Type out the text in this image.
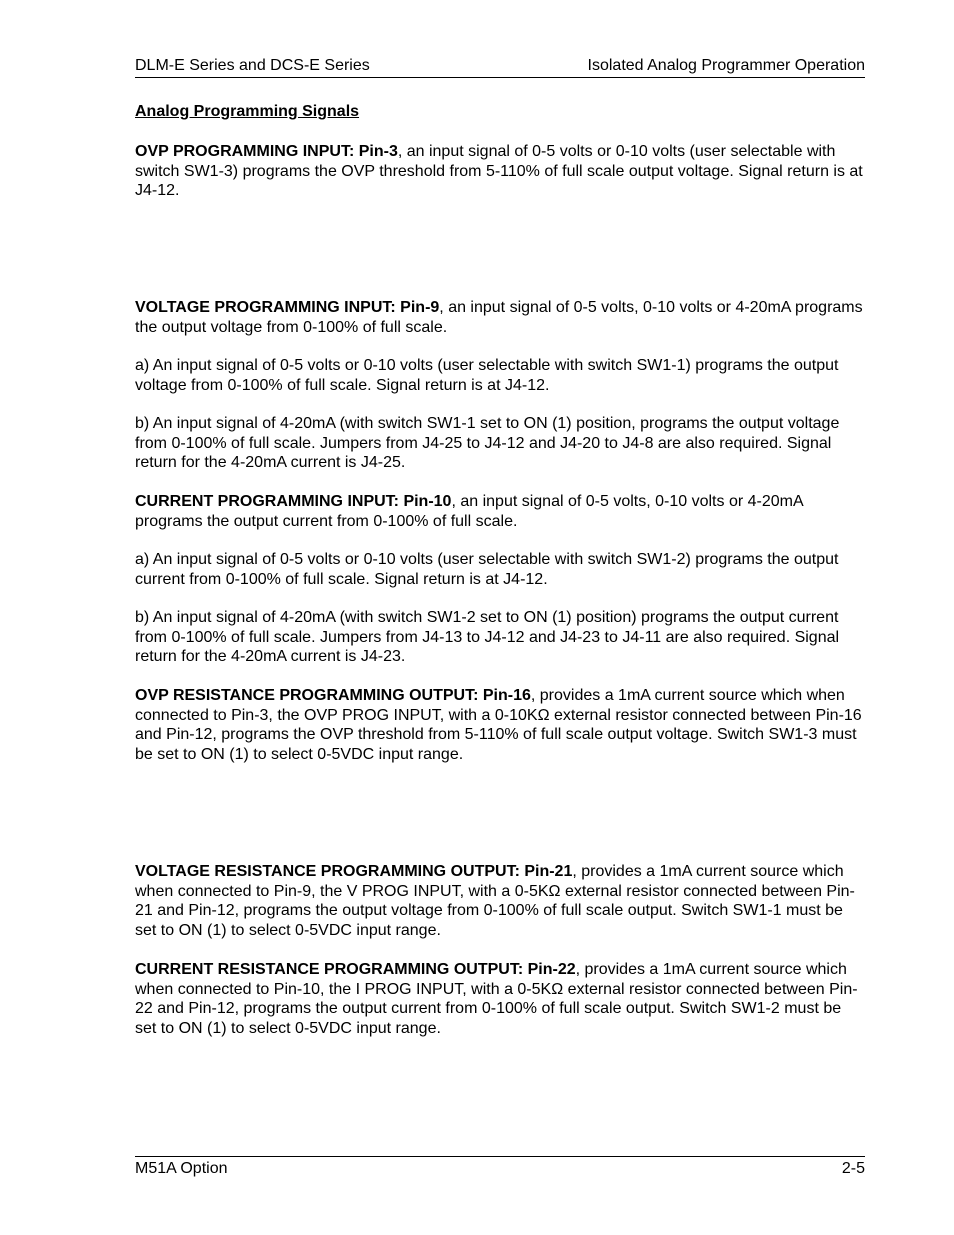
DLM-E Series and DCS-E Series	Isolated Analog Programmer Operation
Analog Programming Signals

OVP PROGRAMMING INPUT: Pin-3, an input signal of 0-5 volts or 0-10 volts (user selectable with switch SW1-3) programs the OVP threshold from 5-110% of full scale output voltage. Signal return is at J4-12.

VOLTAGE PROGRAMMING INPUT: Pin-9, an input signal of 0-5 volts, 0-10 volts or 4-20mA programs the output voltage from 0-100% of full scale.

a) An input signal of 0-5 volts or 0-10 volts (user selectable with switch SW1-1) programs the output voltage from 0-100% of full scale. Signal return is at J4-12.

b) An input signal of 4-20mA (with switch SW1-1 set to ON (1) position, programs the output voltage from 0-100% of full scale. Jumpers from J4-25 to J4-12 and J4-20 to J4-8 are also required. Signal return for the 4-20mA current is J4-25.

CURRENT PROGRAMMING INPUT: Pin-10, an input signal of 0-5 volts, 0-10 volts or 4-20mA programs the output current from 0-100% of full scale.

a) An input signal of 0-5 volts or 0-10 volts (user selectable with switch SW1-2) programs the output current from 0-100% of full scale. Signal return is at J4-12.

b) An input signal of 4-20mA (with switch SW1-2 set to ON (1) position) programs the output current from 0-100% of full scale. Jumpers from J4-13 to J4-12 and J4-23 to J4-11 are also required. Signal return for the 4-20mA current is J4-23.

OVP RESISTANCE PROGRAMMING OUTPUT: Pin-16, provides a 1mA current source which when connected to Pin-3, the OVP PROG INPUT, with a 0-10KΩ external resistor connected between Pin-16 and Pin-12, programs the OVP threshold from 5-110% of full scale output voltage. Switch SW1-3 must be set to ON (1) to select 0-5VDC input range.

VOLTAGE RESISTANCE PROGRAMMING OUTPUT: Pin-21, provides a 1mA current source which when connected to Pin-9, the V PROG INPUT, with a 0-5KΩ external resistor connected between Pin-21 and Pin-12, programs the output voltage from 0-100% of full scale output. Switch SW1-1 must be set to ON (1) to select 0-5VDC input range.

CURRENT RESISTANCE PROGRAMMING OUTPUT: Pin-22, provides a 1mA current source which when connected to Pin-10, the I PROG INPUT, with a 0-5KΩ external resistor connected between Pin-22 and Pin-12, programs the output current from 0-100% of full scale output. Switch SW1-2 must be set to ON (1) to select 0-5VDC input range.

M51A Option	2-5
